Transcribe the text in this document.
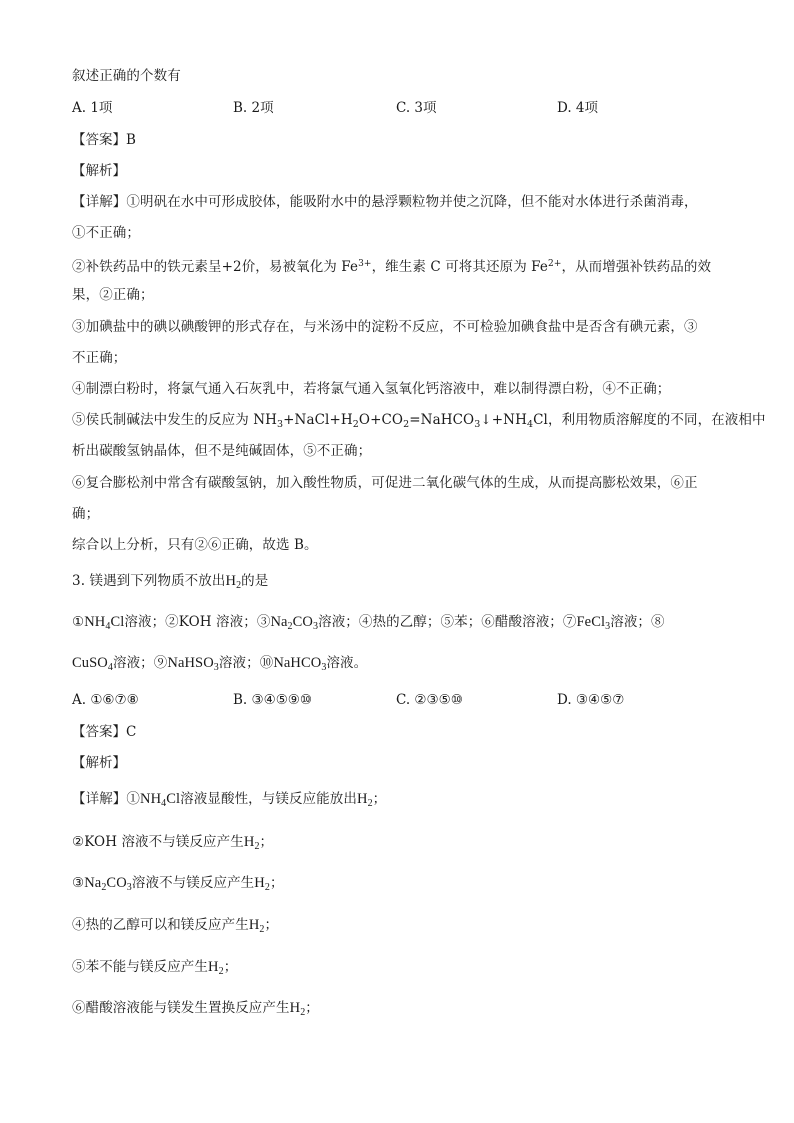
叙述正确的个数有
A. 1项	B. 2项	C. 3项	D. 4项
【答案】B
【解析】
【详解】①明矾在水中可形成胶体，能吸附水中的悬浮颗粒物并使之沉降，但不能对水体进行杀菌消毒，
①不正确；
②补铁药品中的铁元素呈+2价，易被氧化为 $Fe^{3+}$，维生素 C 可将其还原为 $Fe^{2+}$，从而增强补铁药品的效
果，②正确；
③加碘盐中的碘以碘酸钾的形式存在，与米汤中的淀粉不反应，不可检验加碘食盐中是否含有碘元素，③
不正确；
④制漂白粉时，将氯气通入石灰乳中，若将氯气通入氢氧化钙溶液中，难以制得漂白粉，④不正确；
⑤侯氏制碱法中发生的反应为 $NH_3+NaCl+H_2O+CO_2=NaHCO_3↓+NH_4Cl$，利用物质溶解度的不同，在液相中
析出碳酸氢钠晶体，但不是纯碱固体，⑤不正确；
⑥复合膨松剂中常含有碳酸氢钠，加入酸性物质，可促进二氧化碳气体的生成，从而提高膨松效果，⑥正
确；
综合以上分析，只有②⑥正确，故选 B。
3. 镁遇到下列物质不放出$H_2$的是
$①NH_4Cl$溶液；②KOH 溶液；$③Na_2CO_3$溶液；④热的乙醇；⑤苯；⑥醋酸溶液；⑦FeCl$_3$溶液；⑧
CuSO$_4$溶液；⑨NaHSO$_3$溶液；⑩NaHCO$_3$溶液。
A. ①⑥⑦⑧	B. ③④⑤⑨⑩	C. ②③⑤⑩	D. ③④⑤⑦
【答案】C
【解析】
【详解】$①NH_4Cl$溶液显酸性，与镁反应能放出$H_2$；
②KOH 溶液不与镁反应产生$H_2$；
$③Na_2CO_3$溶液不与镁反应产生$H_2$；
④热的乙醇可以和镁反应产生$H_2$；
⑤苯不能与镁反应产生$H_2$；
⑥醋酸溶液能与镁发生置换反应产生$H_2$；
